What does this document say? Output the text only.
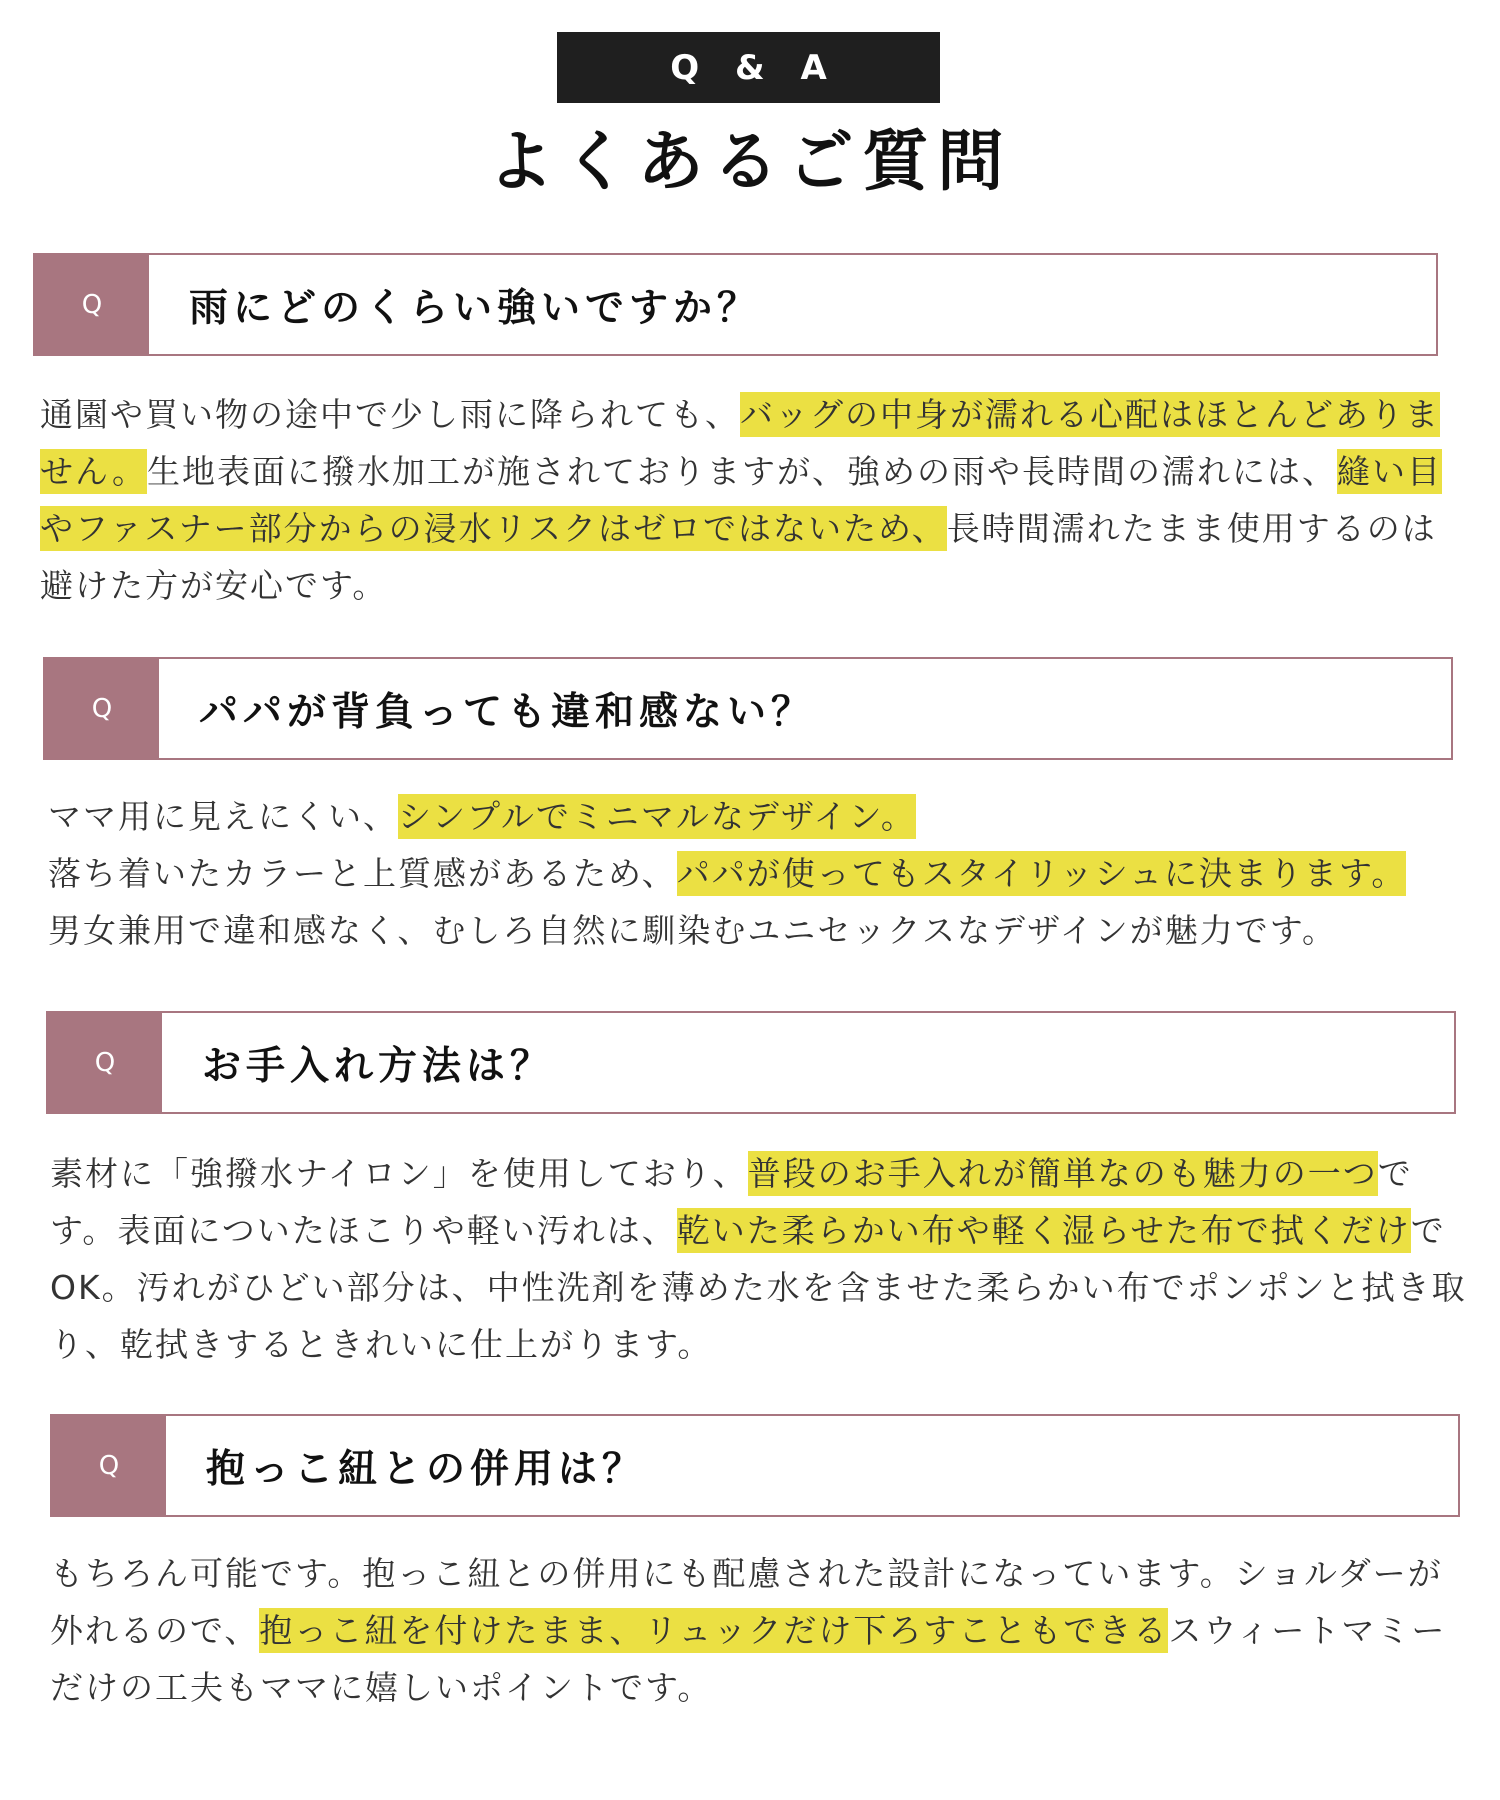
Q & A
よくあるご質問
Q	雨にどのくらい強いですか？

通園や買い物の途中で少し雨に降られても、バッグの中身が濡れる心配はほとんどありません。生地表面に撥水加工が施されておりますが、強めの雨や長時間の濡れには、縫い目やファスナー部分からの浸水リスクはゼロではないため、長時間濡れたまま使用するのは避けた方が安心です。

Q	パパが背負っても違和感ない？

ママ用に見えにくい、シンプルでミニマルなデザイン。
落ち着いたカラーと上質感があるため、パパが使ってもスタイリッシュに決まります。
男女兼用で違和感なく、むしろ自然に馴染むユニセックスなデザインが魅力です。

Q	お手入れ方法は？

素材に「強撥水ナイロン」を使用しており、普段のお手入れが簡単なのも魅力の一つです。表面についたほこりや軽い汚れは、乾いた柔らかい布や軽く湿らせた布で拭くだけでOK。汚れがひどい部分は、中性洗剤を薄めた水を含ませた柔らかい布でポンポンと拭き取り、乾拭きするときれいに仕上がります。

Q	抱っこ紐との併用は？

もちろん可能です。抱っこ紐との併用にも配慮された設計になっています。ショルダーが外れるので、抱っこ紐を付けたまま、リュックだけ下ろすこともできるスウィートマミーだけの工夫もママに嬉しいポイントです。
